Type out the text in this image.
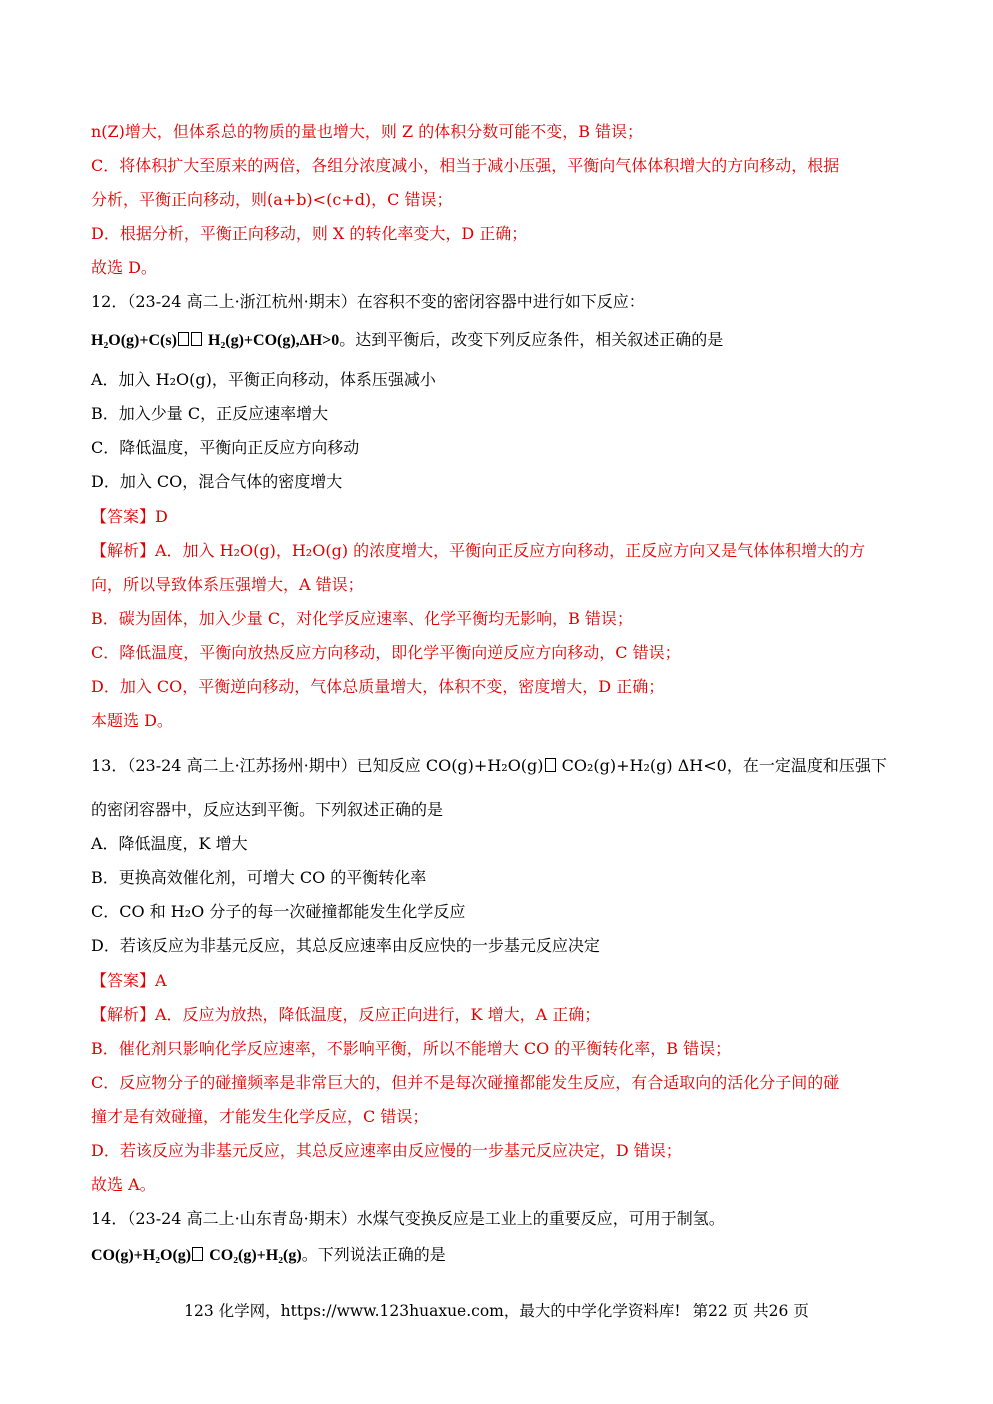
n(Z)增大，但体系总的物质的量也增大，则 Z 的体积分数可能不变，B 错误；
C．将体积扩大至原来的两倍，各组分浓度减小，相当于减小压强，平衡向气体体积增大的方向移动，根据
分析，平衡正向移动，则(a+b)<(c+d)，C 错误；
D．根据分析，平衡正向移动，则 X 的转化率变大，D 正确；
故选 D。
12．（23-24 高二上·浙江杭州·期末）在容积不变的密闭容器中进行如下反应：
H₂O(g)+C(s) H₂(g)+CO(g),ΔH>0。达到平衡后，改变下列反应条件，相关叙述正确的是
A．加入 H₂O(g)，平衡正向移动，体系压强减小
B．加入少量 C，正反应速率增大
C．降低温度，平衡向正反应方向移动
D．加入 CO，混合气体的密度增大
【答案】D
【解析】A．加入 H₂O(g)，H₂O(g) 的浓度增大，平衡向正反应方向移动，正反应方向又是气体体积增大的方
向，所以导致体系压强增大，A 错误；
B．碳为固体，加入少量 C，对化学反应速率、化学平衡均无影响，B 错误；
C．降低温度，平衡向放热反应方向移动，即化学平衡向逆反应方向移动，C 错误；
D．加入 CO，平衡逆向移动，气体总质量增大，体积不变，密度增大，D 正确；
本题选 D。
13．（23-24 高二上·江苏扬州·期中）已知反应 CO(g)+H₂O(g) CO₂(g)+H₂(g) ΔH<0，在一定温度和压强下
的密闭容器中，反应达到平衡。下列叙述正确的是
A．降低温度，K 增大
B．更换高效催化剂，可增大 CO 的平衡转化率
C．CO 和 H₂O 分子的每一次碰撞都能发生化学反应
D．若该反应为非基元反应，其总反应速率由反应快的一步基元反应决定
【答案】A
【解析】A．反应为放热，降低温度，反应正向进行，K 增大，A 正确；
B．催化剂只影响化学反应速率，不影响平衡，所以不能增大 CO 的平衡转化率，B 错误；
C．反应物分子的碰撞频率是非常巨大的，但并不是每次碰撞都能发生反应，有合适取向的活化分子间的碰
撞才是有效碰撞，才能发生化学反应，C 错误；
D．若该反应为非基元反应，其总反应速率由反应慢的一步基元反应决定，D 错误；
故选 A。
14．（23-24 高二上·山东青岛·期末）水煤气变换反应是工业上的重要反应，可用于制氢。
CO(g)+H₂O(g) CO₂(g)+H₂(g)。下列说法正确的是
123 化学网，https://www.123huaxue.com，最大的中学化学资料库! 第22 页 共26 页
